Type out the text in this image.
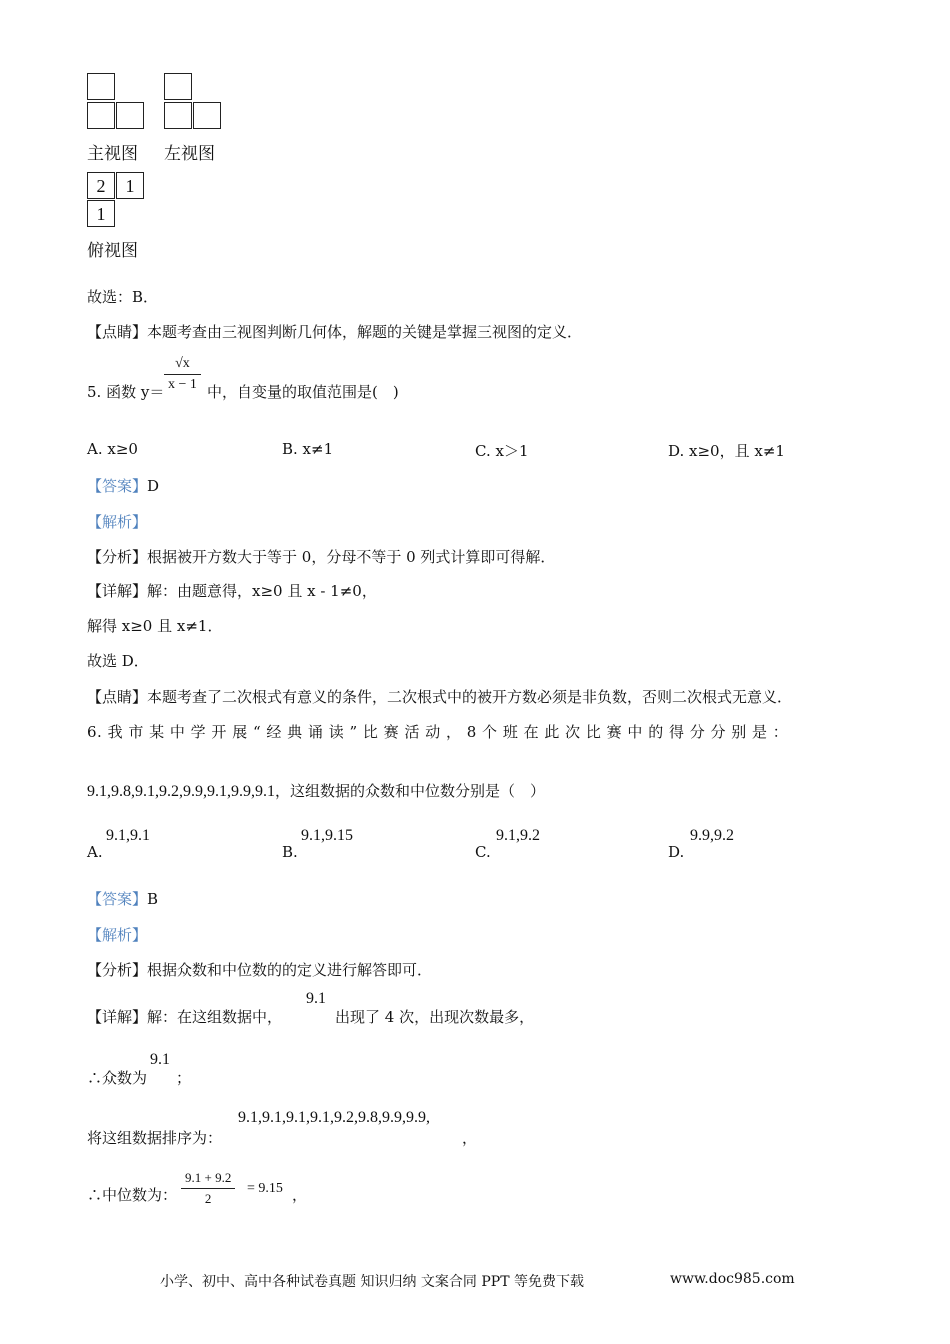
主视图 左视图
2	1
1
俯视图
故选：B．
【点睛】本题考查由三视图判断几何体，解题的关键是掌握三视图的定义．
5. 函数 $y= \frac{√x}{x - 1}$ 中，自变量的取值范围是(　)
A. x≥0	B. x≠1	C. x＞1	D. x≥0，且 x≠1
【答案】D
【解析】
【分析】根据被开方数大于等于 0，分母不等于 0 列式计算即可得解．
【详解】解：由题意得，x≥0 且 x - 1≠0，
解得 x≥0 且 x≠1．
故选 D．
【点睛】本题考查了二次根式有意义的条件，二次根式中的被开方数必须是非负数，否则二次根式无意义．
6. 我 市 某 中 学 开 展 “ 经 典 诵 读 ” 比 赛 活 动 ， 8 个 班 在 此 次 比 赛 中 的 得 分 分 别 是 ：
9.1,9.8,9.1,9.2,9.9,9.1,9.9,9.1，这组数据的众数和中位数分别是（　）
A.
9.1,9.1
B.
9.1,9.15
C.
9.1,9.2
D.
9.9,9.2
【答案】B
【解析】
【分析】根据众数和中位数的的定义进行解答即可．
【详解】解：在这组数据中，
9.1
出现了 4 次，出现次数最多，
∴众数为
9.1
；
将这组数据排序为：
9.1,9.1,9.1,9.1,9.2,9.8,9.9,9.9,
，
∴中位数为： $\frac{9.1 + 9.2}{2} = 9.15$ ，
小学、初中、高中各种试卷真题 知识归纳 文案合同 PPT 等免费下载	www.doc985.com
